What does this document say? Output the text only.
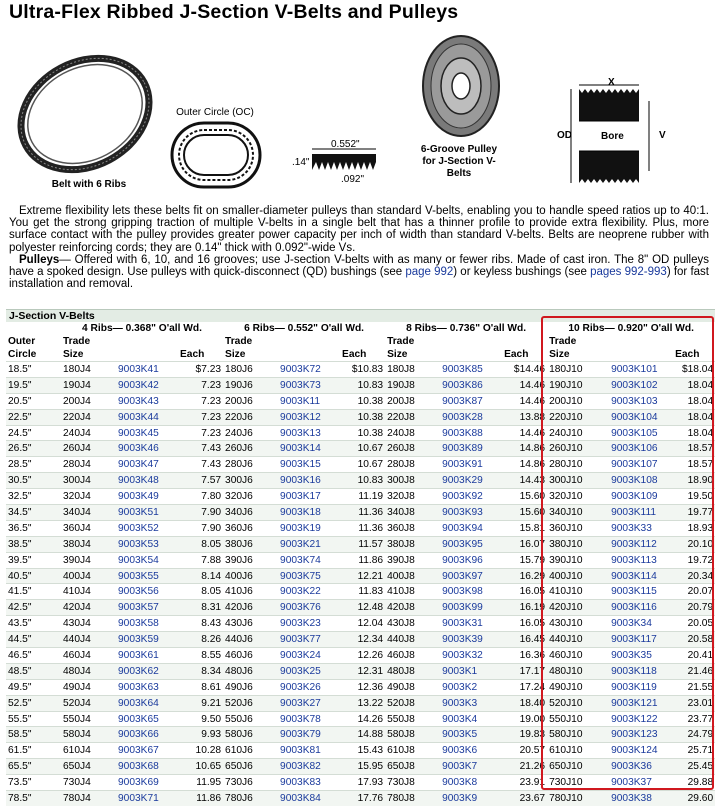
Ultra-Flex Ribbed J-Section V-Belts and Pulleys
Belt with 6 Ribs
Outer Circle (OC)
0.552"
.14"
.092"
6-Groove Pulley for J-Section V-Belts
X
OD	V
Bore

Extreme flexibility lets these belts fit on smaller-diameter pulleys than standard V-belts, enabling you to handle speed ratios up to 40:1. You get the strong gripping traction of multiple V-belts in a single belt that has a thinner profile to provide extra flexibility. Plus, more surface contact with the pulley provides greater power capacity per inch of width than standard V-belts. Belts are neoprene rubber with polyester reinforcing cords; they are 0.14" thick with 0.092"-wide Vs.

Pulleys— Offered with 6, 10, and 16 grooves; use J-section V-belts with as many or fewer ribs. Made of cast iron. The 8" OD pulleys have a spoked design. Use pulleys with quick-disconnect (QD) bushings (see page 992) or keyless bushings (see pages 992-993) for fast installation and removal.

J-Section V-Belts
	4 Ribs— 0.368" O'all Wd.			6 Ribs— 0.552" O'all Wd.			8 Ribs— 0.736" O'all Wd.			10 Ribs— 0.920" O'all Wd.		
Outer	Trade			Trade			Trade			Trade		
Circle	Size		Each	Size		Each	Size		Each	Size		Each
18.5"	180J4	9003K41	$7.23	180J6	9003K72	$10.83	180J8	9003K85	$14.46	180J10	9003K101	$18.04
19.5"	190J4	9003K42	7.23	190J6	9003K73	10.83	190J8	9003K86	14.46	190J10	9003K102	18.04
20.5"	200J4	9003K43	7.23	200J6	9003K11	10.38	200J8	9003K87	14.46	200J10	9003K103	18.04
22.5"	220J4	9003K44	7.23	220J6	9003K12	10.38	220J8	9003K28	13.88	220J10	9003K104	18.04
24.5"	240J4	9003K45	7.23	240J6	9003K13	10.38	240J8	9003K88	14.46	240J10	9003K105	18.04
26.5"	260J4	9003K46	7.43	260J6	9003K14	10.67	260J8	9003K89	14.86	260J10	9003K106	18.57
28.5"	280J4	9003K47	7.43	280J6	9003K15	10.67	280J8	9003K91	14.86	280J10	9003K107	18.57
30.5"	300J4	9003K48	7.57	300J6	9003K16	10.83	300J8	9003K29	14.43	300J10	9003K108	18.90
32.5"	320J4	9003K49	7.80	320J6	9003K17	11.19	320J8	9003K92	15.60	320J10	9003K109	19.50
34.5"	340J4	9003K51	7.90	340J6	9003K18	11.36	340J8	9003K93	15.60	340J10	9003K111	19.77
36.5"	360J4	9003K52	7.90	360J6	9003K19	11.36	360J8	9003K94	15.81	360J10	9003K33	18.93
38.5"	380J4	9003K53	8.05	380J6	9003K21	11.57	380J8	9003K95	16.07	380J10	9003K112	20.10
39.5"	390J4	9003K54	7.88	390J6	9003K74	11.86	390J8	9003K96	15.79	390J10	9003K113	19.72
40.5"	400J4	9003K55	8.14	400J6	9003K75	12.21	400J8	9003K97	16.29	400J10	9003K114	20.34
41.5"	410J4	9003K56	8.05	410J6	9003K22	11.83	410J8	9003K98	16.05	410J10	9003K115	20.07
42.5"	420J4	9003K57	8.31	420J6	9003K76	12.48	420J8	9003K99	16.19	420J10	9003K116	20.79
43.5"	430J4	9003K58	8.43	430J6	9003K23	12.04	430J8	9003K31	16.05	430J10	9003K34	20.05
44.5"	440J4	9003K59	8.26	440J6	9003K77	12.34	440J8	9003K39	16.45	440J10	9003K117	20.58
46.5"	460J4	9003K61	8.55	460J6	9003K24	12.26	460J8	9003K32	16.36	460J10	9003K35	20.41
48.5"	480J4	9003K62	8.34	480J6	9003K25	12.31	480J8	9003K1	17.17	480J10	9003K118	21.46
49.5"	490J4	9003K63	8.61	490J6	9003K26	12.36	490J8	9003K2	17.24	490J10	9003K119	21.55
52.5"	520J4	9003K64	9.21	520J6	9003K27	13.22	520J8	9003K3	18.40	520J10	9003K121	23.01
55.5"	550J4	9003K65	9.50	550J6	9003K78	14.26	550J8	9003K4	19.00	550J10	9003K122	23.77
58.5"	580J4	9003K66	9.93	580J6	9003K79	14.88	580J8	9003K5	19.83	580J10	9003K123	24.79
61.5"	610J4	9003K67	10.28	610J6	9003K81	15.43	610J8	9003K6	20.57	610J10	9003K124	25.71
65.5"	650J4	9003K68	10.65	650J6	9003K82	15.95	650J8	9003K7	21.26	650J10	9003K36	25.45
73.5"	730J4	9003K69	11.95	730J6	9003K83	17.93	730J8	9003K8	23.91	730J10	9003K37	29.88
78.5"	780J4	9003K71	11.86	780J6	9003K84	17.76	780J8	9003K9	23.67	780J10	9003K38	29.60
